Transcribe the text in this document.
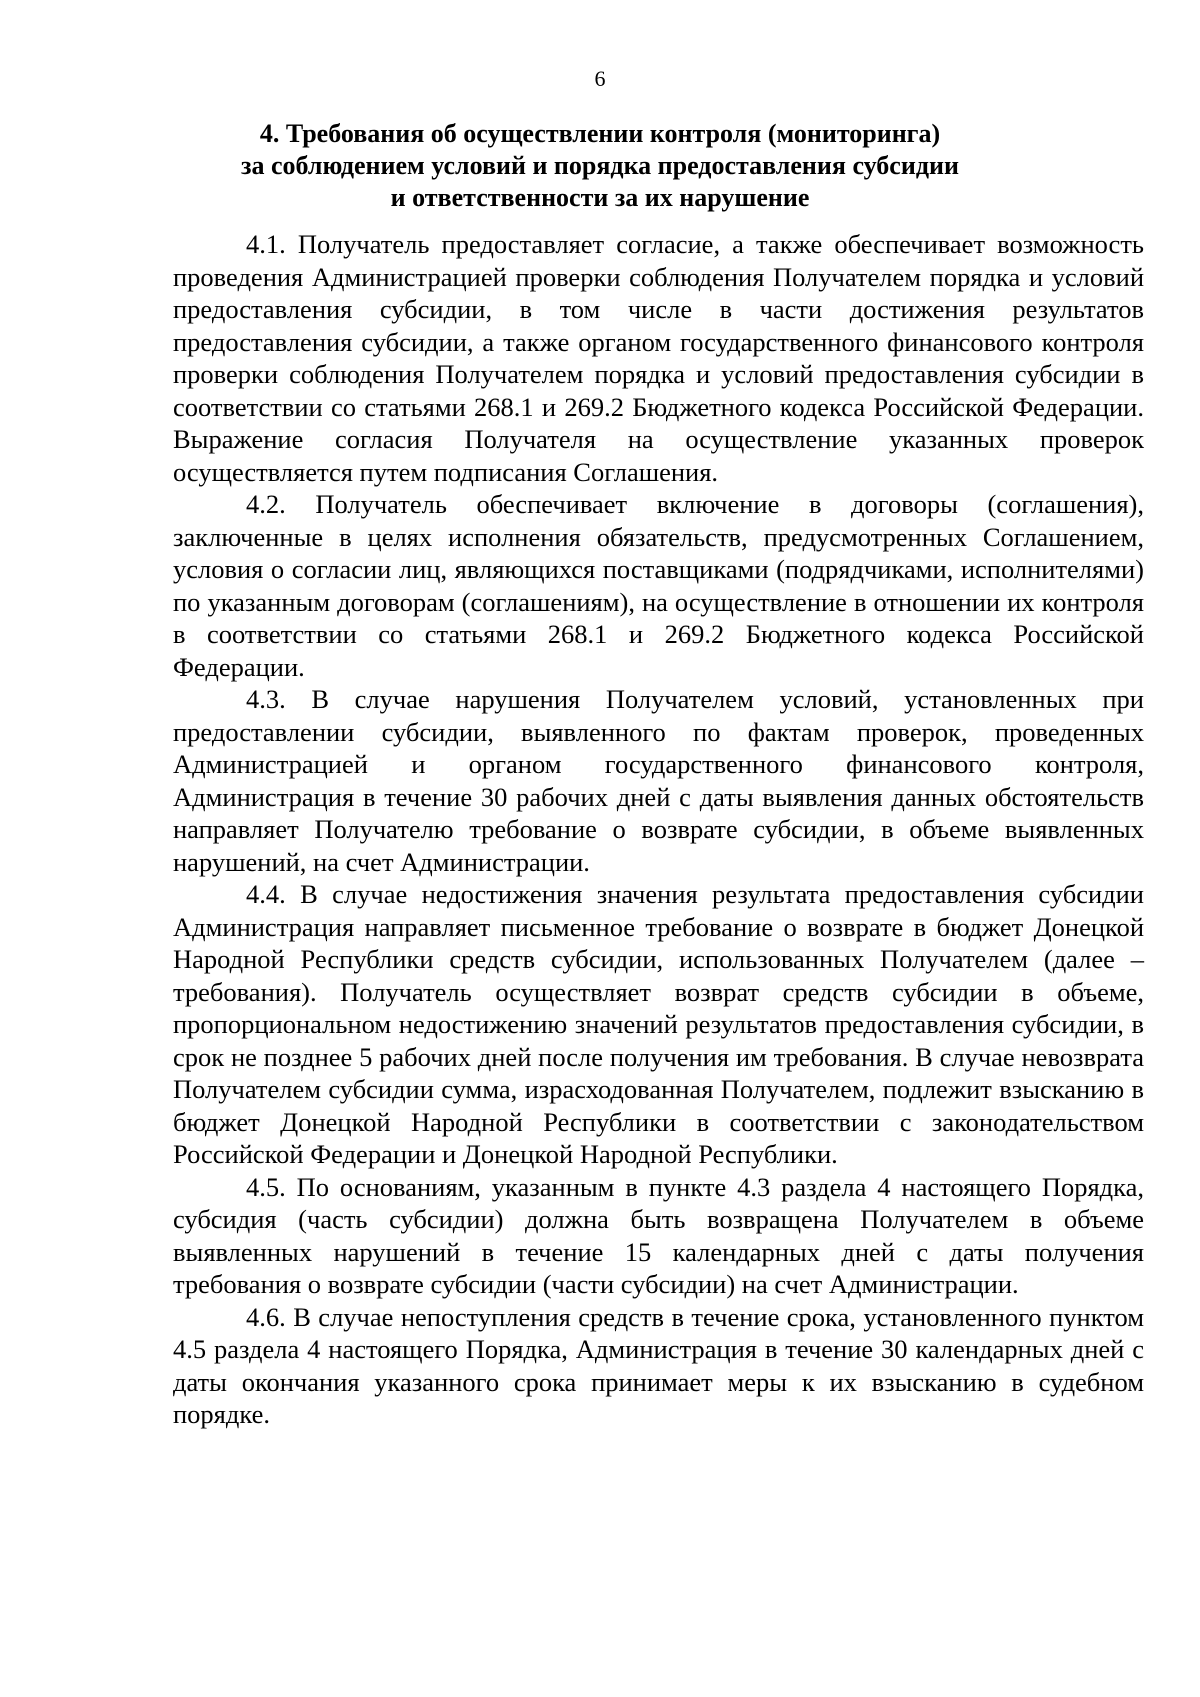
6
4. Требования об осуществлении контроля (мониторинга)
за соблюдением условий и порядка предоставления субсидии
и ответственности за их нарушение

4.1. Получатель предоставляет согласие, а также обеспечивает возможность проведения Администрацией проверки соблюдения Получателем порядка и условий предоставления субсидии, в том числе в части достижения результатов предоставления субсидии, а также органом государственного финансового контроля проверки соблюдения Получателем порядка и условий предоставления субсидии в соответствии со статьями 268.1 и 269.2 Бюджетного кодекса Российской Федерации. Выражение согласия Получателя на осуществление указанных проверок осуществляется путем подписания Соглашения.

4.2. Получатель обеспечивает включение в договоры (соглашения), заключенные в целях исполнения обязательств, предусмотренных Соглашением, условия о согласии лиц, являющихся поставщиками (подрядчиками, исполнителями) по указанным договорам (соглашениям), на осуществление в отношении их контроля в соответствии со статьями 268.1 и 269.2 Бюджетного кодекса Российской Федерации.

4.3. В случае нарушения Получателем условий, установленных при предоставлении субсидии, выявленного по фактам проверок, проведенных Администрацией и органом государственного финансового контроля, Администрация в течение 30 рабочих дней с даты выявления данных обстоятельств направляет Получателю требование о возврате субсидии, в объеме выявленных нарушений, на счет Администрации.

4.4. В случае недостижения значения результата предоставления субсидии Администрация направляет письменное требование о возврате в бюджет Донецкой Народной Республики средств субсидии, использованных Получателем (далее – требования). Получатель осуществляет возврат средств субсидии в объеме, пропорциональном недостижению значений результатов предоставления субсидии, в срок не позднее 5 рабочих дней после получения им требования. В случае невозврата Получателем субсидии сумма, израсходованная Получателем, подлежит взысканию в бюджет Донецкой Народной Республики в соответствии с законодательством Российской Федерации и Донецкой Народной Республики.

4.5. По основаниям, указанным в пункте 4.3 раздела 4 настоящего Порядка, субсидия (часть субсидии) должна быть возвращена Получателем в объеме выявленных нарушений в течение 15 календарных дней с даты получения требования о возврате субсидии (части субсидии) на счет Администрации.

4.6. В случае непоступления средств в течение срока, установленного пунктом 4.5 раздела 4 настоящего Порядка, Администрация в течение 30 календарных дней с даты окончания указанного срока принимает меры к их взысканию в судебном порядке.
